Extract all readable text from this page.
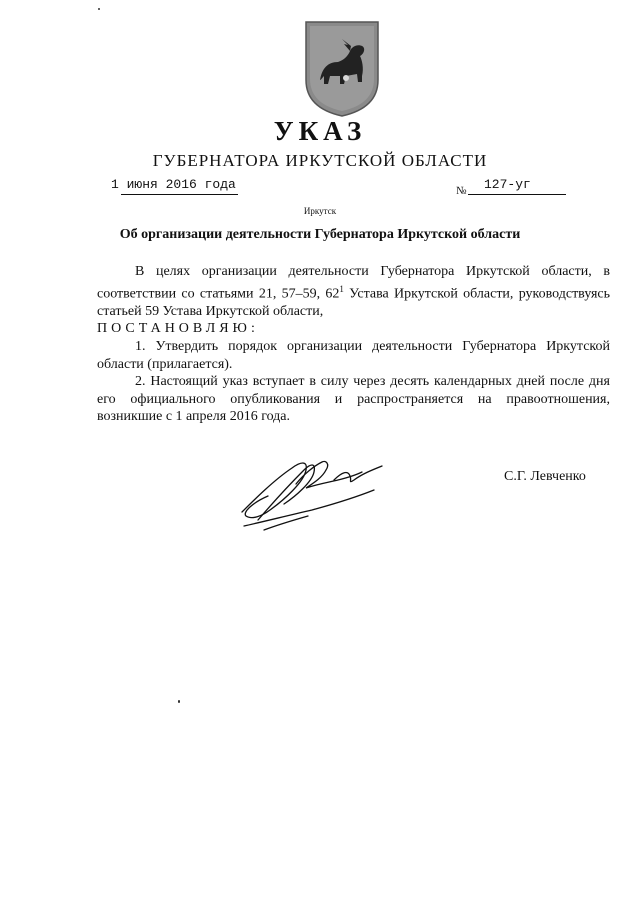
УКАЗ
ГУБЕРНАТОРА ИРКУТСКОЙ ОБЛАСТИ
1 июня 2016 года	№ 127-уг
Иркутск
Об организации деятельности Губернатора Иркутской области

В целях организации деятельности Губернатора Иркутской области, в соответствии со статьями 21, 57–59, $62^1$ Устава Иркутской области, руководствуясь статьей 59 Устава Иркутской области,

ПОСТАНОВЛЯЮ:

1. Утвердить порядок организации деятельности Губернатора Иркутской области (прилагается).

2. Настоящий указ вступает в силу через десять календарных дней после дня его официального опубликования и распространяется на правоотношения, возникшие с 1 апреля 2016 года.

С.Г. Левченко
